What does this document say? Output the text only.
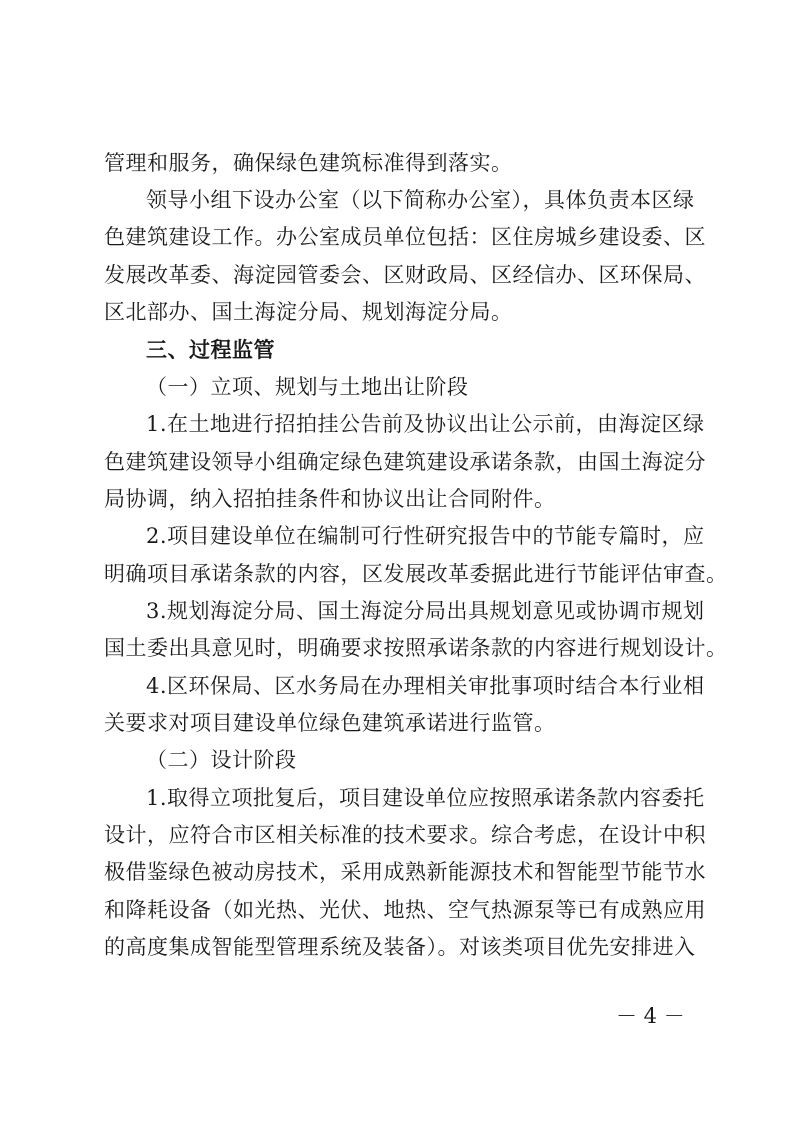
管理和服务，确保绿色建筑标准得到落实。
领导小组下设办公室（以下简称办公室），具体负责本区绿
色建筑建设工作。办公室成员单位包括：区住房城乡建设委、区
发展改革委、海淀园管委会、区财政局、区经信办、区环保局、
区北部办、国土海淀分局、规划海淀分局。
三、过程监管
（一）立项、规划与土地出让阶段
1.在土地进行招拍挂公告前及协议出让公示前，由海淀区绿
色建筑建设领导小组确定绿色建筑建设承诺条款，由国土海淀分
局协调，纳入招拍挂条件和协议出让合同附件。
2.项目建设单位在编制可行性研究报告中的节能专篇时，应
明确项目承诺条款的内容，区发展改革委据此进行节能评估审查。
3.规划海淀分局、国土海淀分局出具规划意见或协调市规划
国土委出具意见时，明确要求按照承诺条款的内容进行规划设计。
4.区环保局、区水务局在办理相关审批事项时结合本行业相
关要求对项目建设单位绿色建筑承诺进行监管。
（二）设计阶段
1.取得立项批复后，项目建设单位应按照承诺条款内容委托
设计，应符合市区相关标准的技术要求。综合考虑，在设计中积
极借鉴绿色被动房技术，采用成熟新能源技术和智能型节能节水
和降耗设备（如光热、光伏、地热、空气热源泵等已有成熟应用
的高度集成智能型管理系统及装备）。对该类项目优先安排进入
－ 4 －
